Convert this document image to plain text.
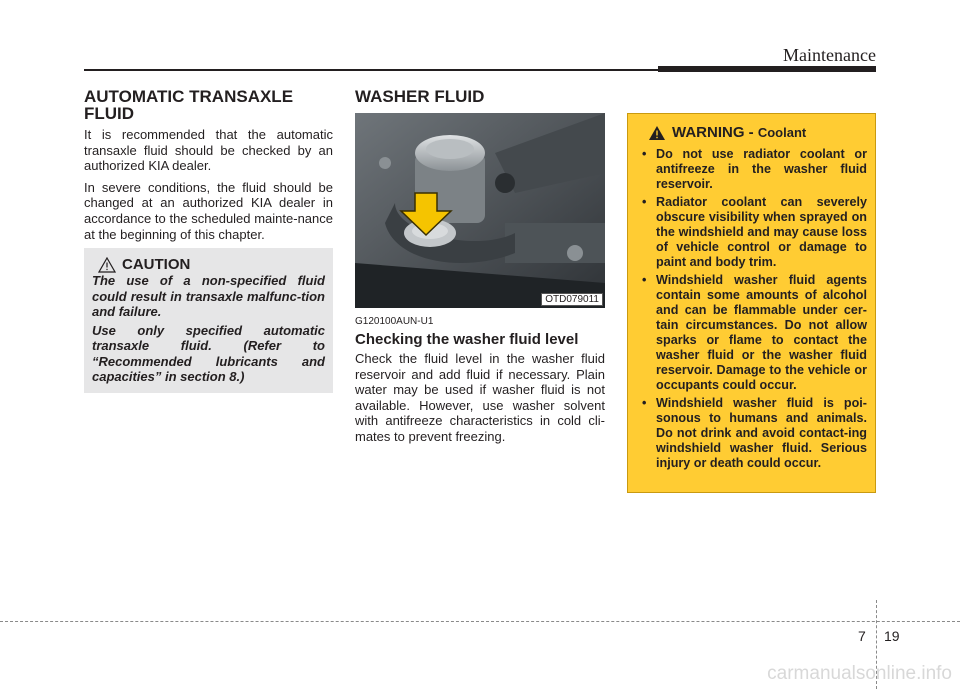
Maintenance
AUTOMATIC TRANSAXLE FLUID

It is recommended that the automatic transaxle fluid should be checked by an authorized KIA dealer.

In severe conditions, the fluid should be changed at an authorized KIA dealer in accordance to the scheduled mainte-nance at the beginning of this chapter.

CAUTION

The use of a non-specified fluid could result in transaxle malfunc-tion and failure.

Use only specified automatic transaxle fluid. (Refer to “Recommended lubricants and capacities” in section 8.)

WASHER FLUID
OTD079011
G120100AUN-U1
Checking the washer fluid level

Check the fluid level in the washer fluid reservoir and add fluid if necessary. Plain water may be used if washer fluid is not available. However, use washer solvent with antifreeze characteristics in cold cli-mates to prevent freezing.

WARNING - Coolant
• Do not use radiator coolant or antifreeze in the washer fluid reservoir.
• Radiator coolant can severely obscure visibility when sprayed on the windshield and may cause loss of vehicle control or damage to paint and body trim.
• Windshield washer fluid agents contain some amounts of alcohol and can be flammable under cer-tain circumstances. Do not allow sparks or flame to contact the washer fluid or the washer fluid reservoir. Damage to the vehicle or occupants could occur.
• Windshield washer fluid is poi-sonous to humans and animals. Do not drink and avoid contact-ing windshield washer fluid. Serious injury or death could occur.
7 19
carmanualsonline.info
